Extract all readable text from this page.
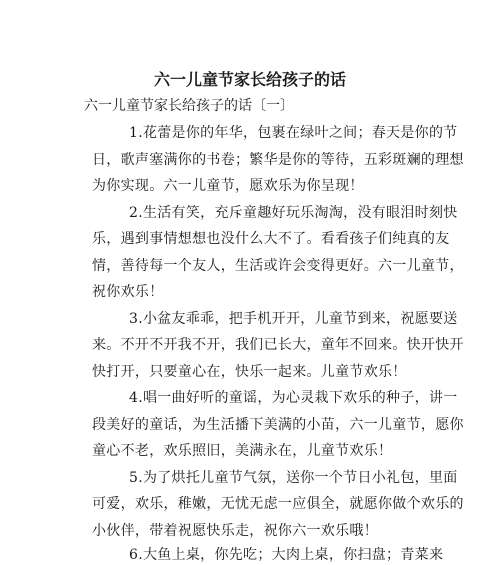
六一儿童节家长给孩子的话
六一儿童节家长给孩子的话〔一〕
1.花蕾是你的年华，包裹在绿叶之间；春天是你的节
日，歌声塞满你的书卷；繁华是你的等待，五彩斑斓的理想
为你实现。六一儿童节，愿欢乐为你呈现！
2.生活有笑，充斥童趣好玩乐淘淘，没有眼泪时刻快
乐，遇到事情想想也没什么大不了。看看孩子们纯真的友
情，善待每一个友人，生活或许会变得更好。六一儿童节，
祝你欢乐！
3.小盆友乖乖，把手机开开，儿童节到来，祝愿要送
来。不开不开我不开，我们已长大，童年不回来。快开快开
快打开，只要童心在，快乐一起来。儿童节欢乐！
4.唱一曲好听的童谣，为心灵栽下欢乐的种子，讲一
段美好的童话，为生活播下美满的小苗，六一儿童节，愿你
童心不老，欢乐照旧，美满永在，儿童节欢乐！
5.为了烘托儿童节气氛，送你一个节日小礼包，里面
可爱，欢乐，稚嫩，无忧无虑一应俱全，就愿你做个欢乐的
小伙伴，带着祝愿快乐走，祝你六一欢乐哦！
6.大鱼上桌，你先吃；大肉上桌，你扫盘；青菜来
